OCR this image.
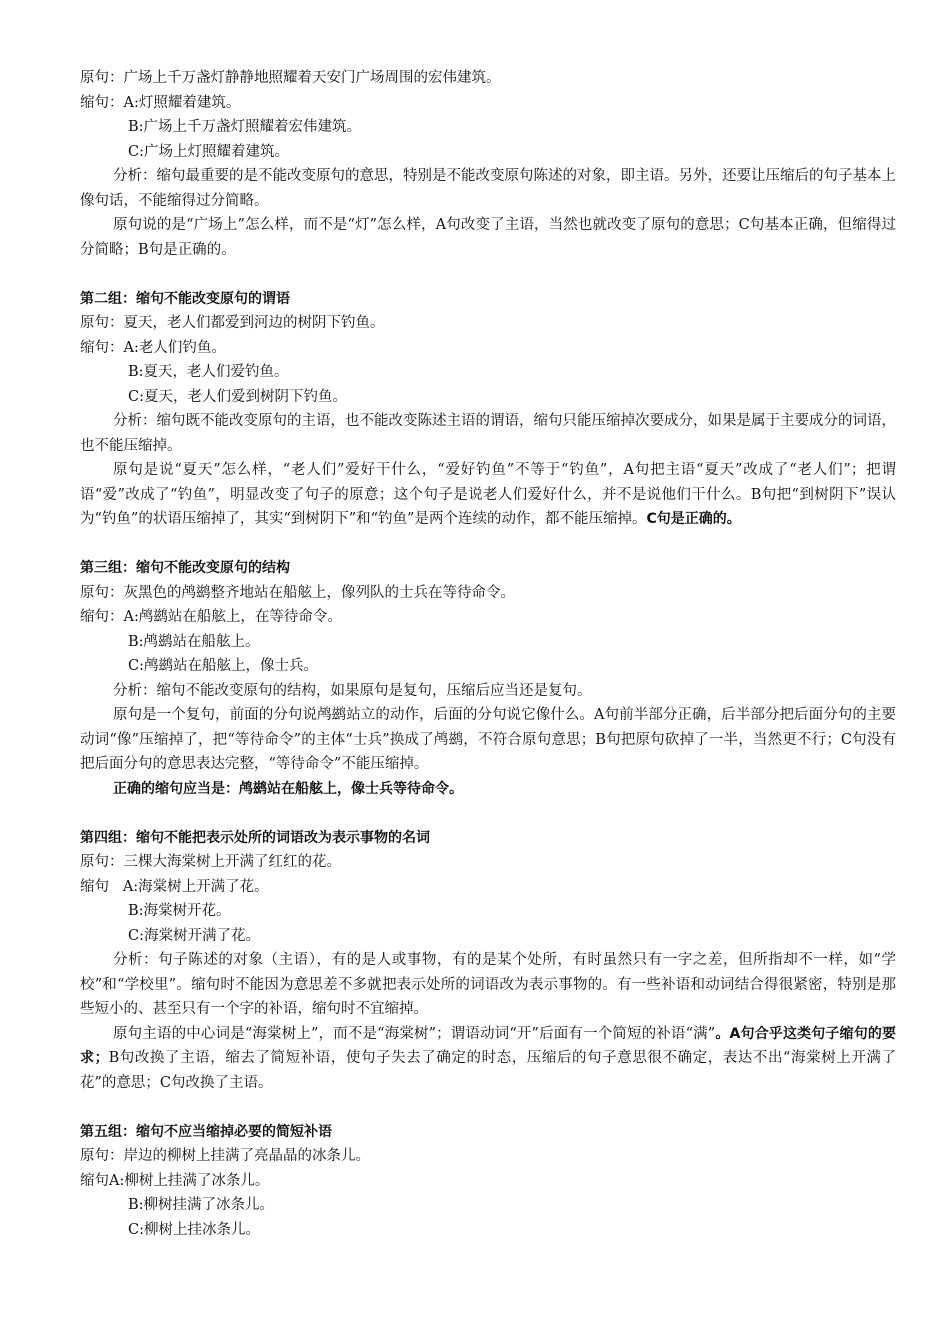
原句：广场上千万盏灯静静地照耀着天安门广场周围的宏伟建筑。
缩句：A:灯照耀着建筑。
B:广场上千万盏灯照耀着宏伟建筑。
C:广场上灯照耀着建筑。
分析：缩句最重要的是不能改变原句的意思，特别是不能改变原句陈述的对象，即主语。另外，还要让压缩后的句子基本上像句话，不能缩得过分简略。
原句说的是“广场上”怎么样，而不是“灯”怎么样，A句改变了主语，当然也就改变了原句的意思；C句基本正确，但缩得过分简略；B句是正确的。
第二组：缩句不能改变原句的谓语
原句：夏天，老人们都爱到河边的树阴下钓鱼。
缩句：A:老人们钓鱼。
B:夏天，老人们爱钓鱼。
C:夏天，老人们爱到树阴下钓鱼。
分析：缩句既不能改变原句的主语，也不能改变陈述主语的谓语，缩句只能压缩掉次要成分，如果是属于主要成分的词语，也不能压缩掉。
原句是说“夏天”怎么样，“老人们”爱好干什么，“爱好钓鱼”不等于“钓鱼”，A句把主语“夏天”改成了“老人们”；把谓语“爱”改成了“钓鱼”，明显改变了句子的原意；这个句子是说老人们爱好什么，并不是说他们干什么。B句把“到树阴下”误认为“钓鱼”的状语压缩掉了，其实“到树阴下”和“钓鱼”是两个连续的动作，都不能压缩掉。C句是正确的。
第三组：缩句不能改变原句的结构
原句：灰黑色的鸬鹚整齐地站在船舷上，像列队的士兵在等待命令。
缩句：A:鸬鹚站在船舷上，在等待命令。
B:鸬鹚站在船舷上。
C:鸬鹚站在船舷上，像士兵。
分析：缩句不能改变原句的结构，如果原句是复句，压缩后应当还是复句。
原句是一个复句，前面的分句说鸬鹚站立的动作，后面的分句说它像什么。A句前半部分正确，后半部分把后面分句的主要动词“像”压缩掉了，把“等待命令”的主体“士兵”换成了鸬鹚，不符合原句意思；B句把原句砍掉了一半，当然更不行；C句没有把后面分句的意思表达完整，“等待命令”不能压缩掉。
正确的缩句应当是：鸬鹚站在船舷上，像士兵等待命令。
第四组：缩句不能把表示处所的词语改为表示事物的名词
原句：三棵大海棠树上开满了红红的花。
缩句   A:海棠树上开满了花。
B:海棠树开花。
C:海棠树开满了花。
分析：句子陈述的对象（主语），有的是人或事物，有的是某个处所，有时虽然只有一字之差，但所指却不一样，如“学校”和“学校里”。缩句时不能因为意思差不多就把表示处所的词语改为表示事物的。有一些补语和动词结合得很紧密，特别是那些短小的、甚至只有一个字的补语，缩句时不宜缩掉。
原句主语的中心词是“海棠树上”，而不是“海棠树”；谓语动词“开”后面有一个简短的补语“满”。A句合乎这类句子缩句的要求；B句改换了主语，缩去了简短补语，使句子失去了确定的时态，压缩后的句子意思很不确定，表达不出“海棠树上开满了花”的意思；C句改换了主语。
第五组：缩句不应当缩掉必要的简短补语
原句：岸边的柳树上挂满了亮晶晶的冰条儿。
缩句A:柳树上挂满了冰条儿。
B:柳树挂满了冰条儿。
C:柳树上挂冰条儿。
